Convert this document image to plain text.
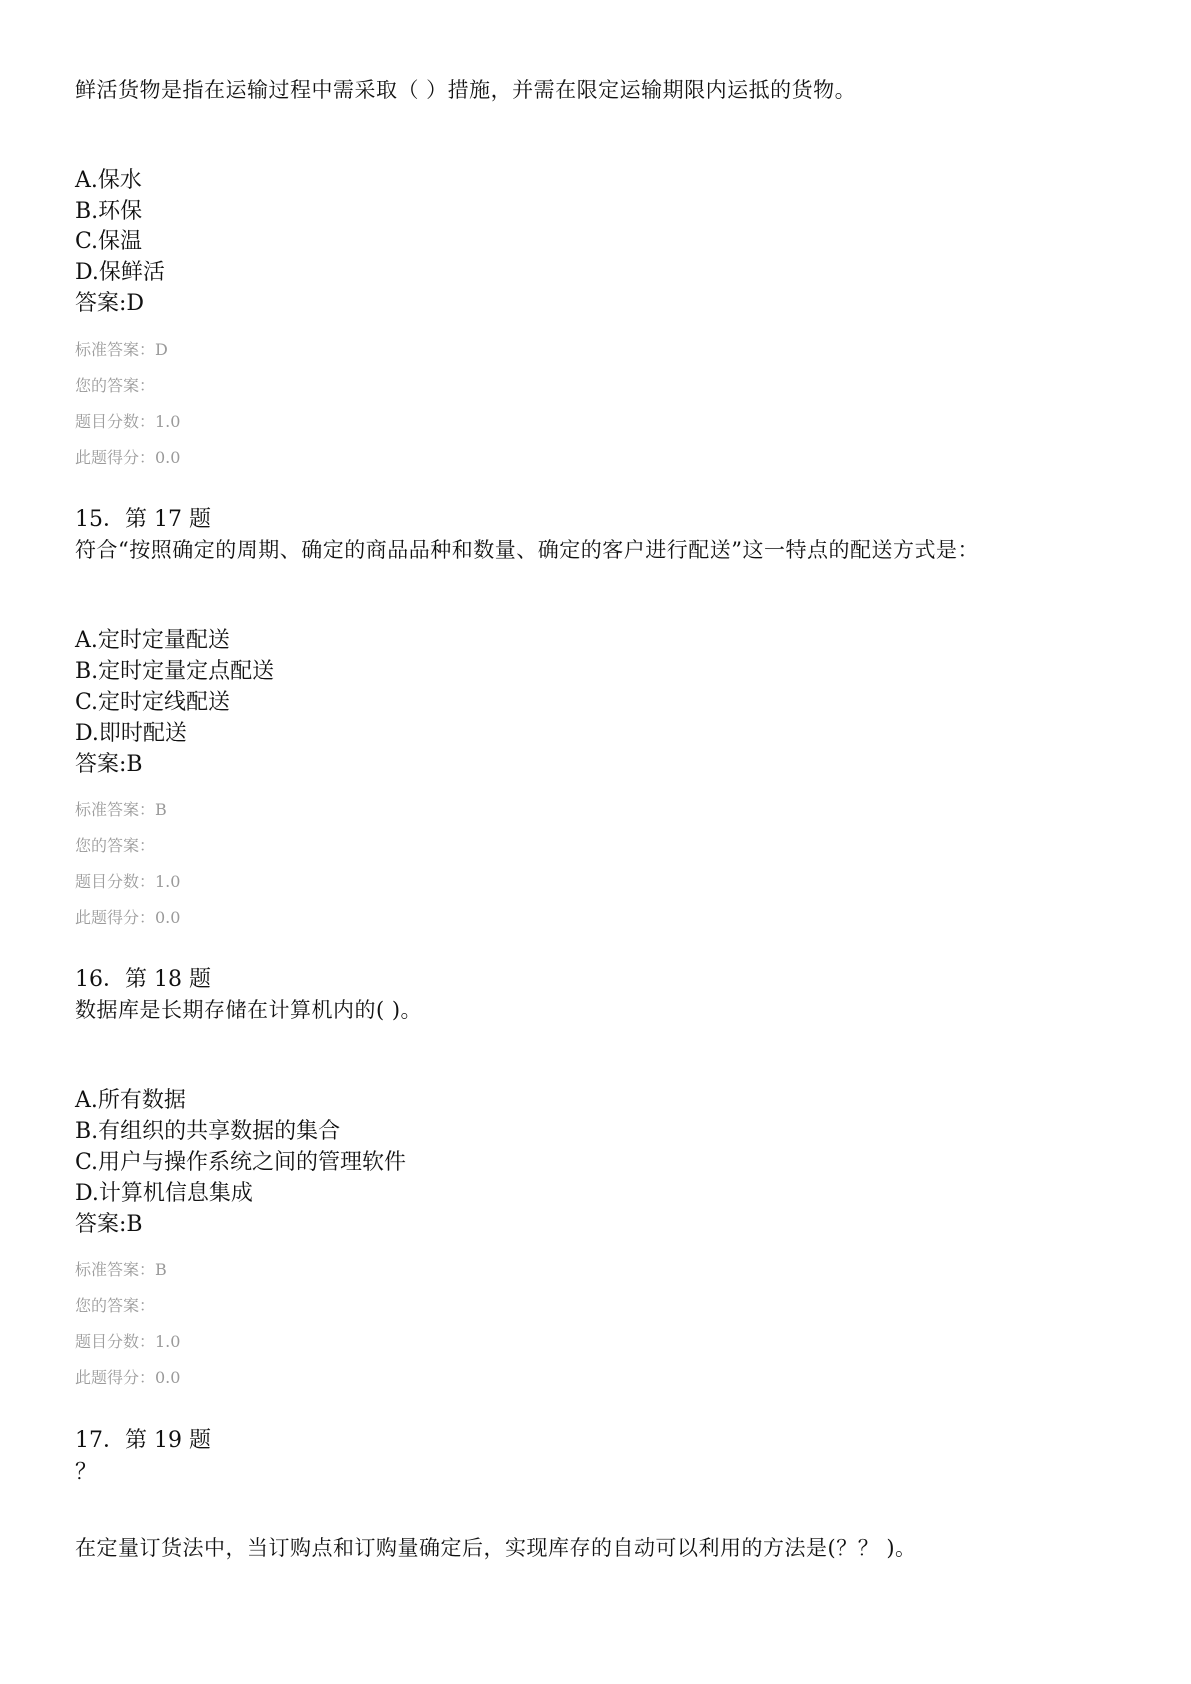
鲜活货物是指在运输过程中需采取（ ）措施，并需在限定运输期限内运抵的货物。
A.保水
B.环保
C.保温
D.保鲜活
答案:D
标准答案：D
您的答案：
题目分数：1.0
此题得分：0.0
15．第 17 题
符合“按照确定的周期、确定的商品品种和数量、确定的客户进行配送”这一特点的配送方式是：
A.定时定量配送
B.定时定量定点配送
C.定时定线配送
D.即时配送
答案:B
标准答案：B
您的答案：
题目分数：1.0
此题得分：0.0
16．第 18 题
数据库是长期存储在计算机内的( )。
A.所有数据
B.有组织的共享数据的集合
C.用户与操作系统之间的管理软件
D.计算机信息集成
答案:B
标准答案：B
您的答案：
题目分数：1.0
此题得分：0.0
17．第 19 题
？
在定量订货法中，当订购点和订购量确定后，实现库存的自动可以利用的方法是(？？ )。
